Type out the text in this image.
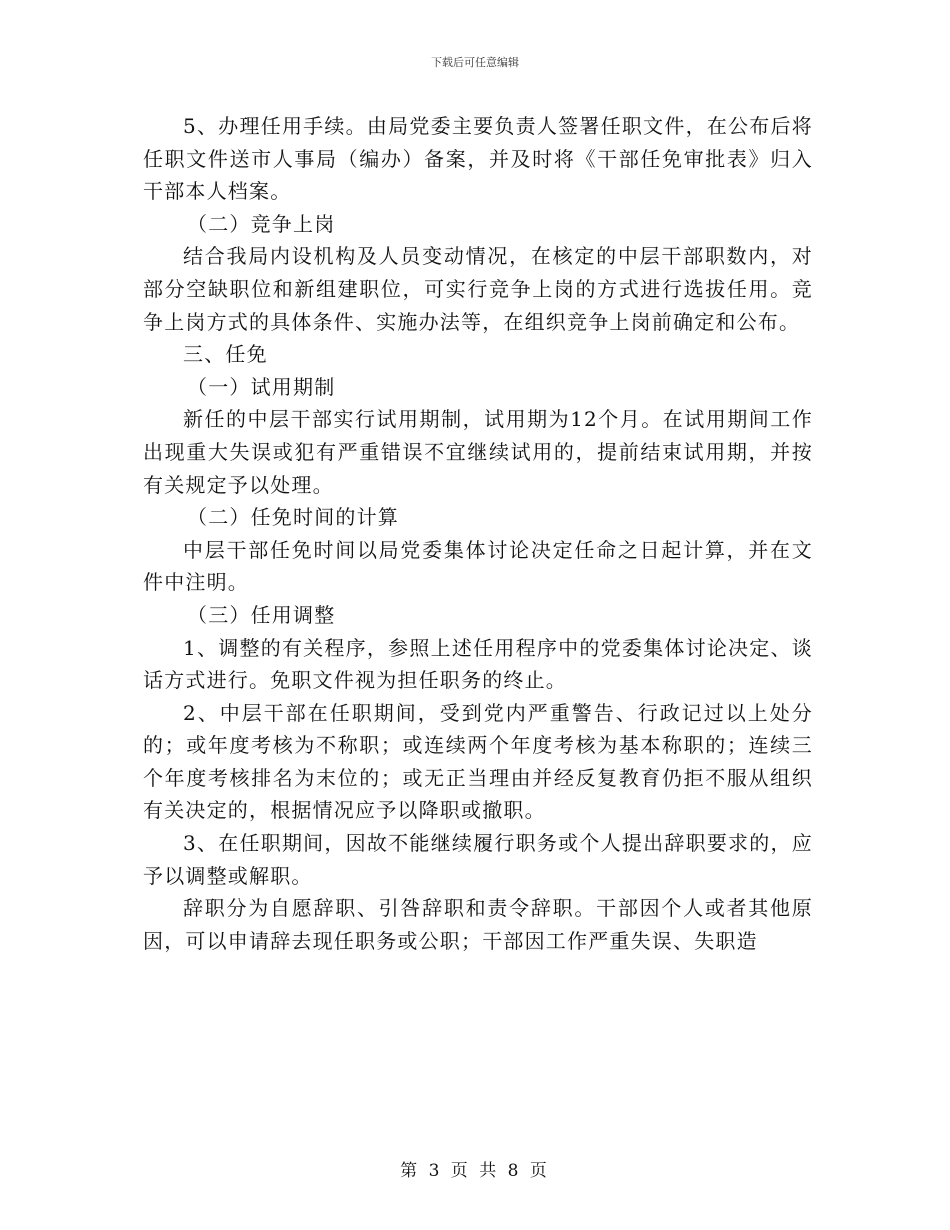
下载后可任意编辑

5、办理任用手续。由局党委主要负责人签署任职文件，在公布后将任职文件送市人事局（编办）备案，并及时将《干部任免审批表》归入干部本人档案。

（二）竞争上岗

结合我局内设机构及人员变动情况，在核定的中层干部职数内，对部分空缺职位和新组建职位，可实行竞争上岗的方式进行选拔任用。竞争上岗方式的具体条件、实施办法等，在组织竞争上岗前确定和公布。

三、任免

（一）试用期制

新任的中层干部实行试用期制，试用期为12个月。在试用期间工作出现重大失误或犯有严重错误不宜继续试用的，提前结束试用期，并按有关规定予以处理。

（二）任免时间的计算

中层干部任免时间以局党委集体讨论决定任命之日起计算，并在文件中注明。

（三）任用调整

1、调整的有关程序，参照上述任用程序中的党委集体讨论决定、谈话方式进行。免职文件视为担任职务的终止。

2、中层干部在任职期间，受到党内严重警告、行政记过以上处分的；或年度考核为不称职；或连续两个年度考核为基本称职的；连续三个年度考核排名为末位的；或无正当理由并经反复教育仍拒不服从组织有关决定的，根据情况应予以降职或撤职。

3、在任职期间，因故不能继续履行职务或个人提出辞职要求的，应予以调整或解职。

辞职分为自愿辞职、引咎辞职和责令辞职。干部因个人或者其他原因，可以申请辞去现任职务或公职；干部因工作严重失误、失职造

第 3 页 共 8 页
